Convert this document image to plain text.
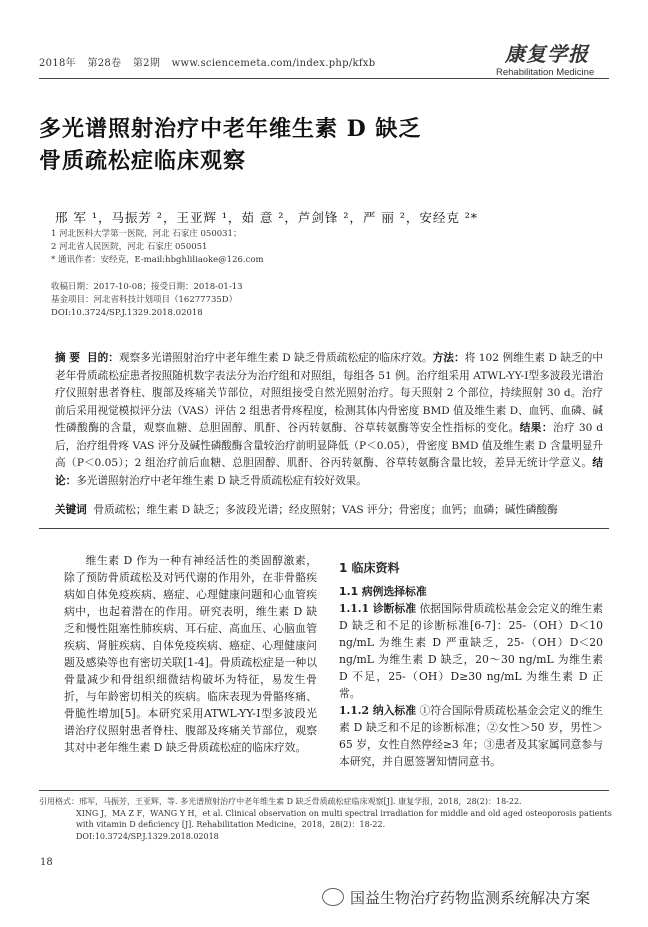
2018年 第28卷 第2期 www.sciencemeta.com/index.php/kfxb	康复学报
Rehabilitation Medicine
多光谱照射治疗中老年维生素 D 缺乏
骨质疏松症临床观察
邢 军 ¹，马振芳 ²，王亚辉 ¹，茹 意 ²，芦剑锋 ²，严 丽 ²，安经克 ²*
1 河北医科大学第一医院，河北 石家庄 050031；
2 河北省人民医院，河北 石家庄 050051
* 通讯作者：安经克，E-mail:hbghliliaoke@126.com
收稿日期：2017-10-08；接受日期：2018-01-13
基金项目：河北省科技计划项目（16277735D）
DOI:10.3724/SP.J.1329.2018.02018
摘 要 目的：观察多光谱照射治疗中老年维生素 D 缺乏骨质疏松症的临床疗效。方法：将 102 例维生素 D 缺乏的中老年骨质疏松症患者按照随机数字表法分为治疗组和对照组，每组各 51 例。治疗组采用 ATWL-YY-Ⅰ型多波段光谱治疗仪照射患者脊柱、腹部及疼痛关节部位，对照组接受自然光照射治疗。每天照射 2 个部位，持续照射 30 d。治疗前后采用视觉模拟评分法（VAS）评估 2 组患者骨疼程度，检测其体内骨密度 BMD 值及维生素 D、血钙、血磷、碱性磷酸酶的含量，观察血糖、总胆固醇、肌酐、谷丙转氨酶、谷草转氨酶等安全性指标的变化。结果：治疗 30 d 后，治疗组骨疼 VAS 评分及碱性磷酸酶含量较治疗前明显降低（P＜0.05），骨密度 BMD 值及维生素 D 含量明显升高（P＜0.05）；2 组治疗前后血糖、总胆固醇、肌酐、谷丙转氨酶、谷草转氨酶含量比较，差异无统计学意义。结论：多光谱照射治疗中老年维生素 D 缺乏骨质疏松症有较好效果。
关键词 骨质疏松；维生素 D 缺乏；多波段光谱；经皮照射；VAS 评分；骨密度；血钙；血磷；碱性磷酸酶
维生素 D 作为一种有神经活性的类固醇激素，除了预防骨质疏松及对钙代谢的作用外，在非骨骼疾病如自体免疫疾病、癌症、心理健康问题和心血管疾病中，也起着潜在的作用。研究表明，维生素 D 缺乏和慢性阻塞性肺疾病、耳石症、高血压、心脑血管疾病、肾脏疾病、自体免疫疾病、癌症、心理健康问题及感染等也有密切关联[1-4]。骨质疏松症是一种以骨量减少和骨组织细微结构破坏为特征，易发生骨折，与年龄密切相关的疾病。临床表现为骨骼疼痛、骨脆性增加[5]。本研究采用ATWL-YY-Ⅰ型多波段光谱治疗仪照射患者脊柱、腹部及疼痛关节部位，观察其对中老年维生素 D 缺乏骨质疏松症的临床疗效。
1 临床资料
1.1 病例选择标准
1.1.1 诊断标准 依据国际骨质疏松基金会定义的维生素 D 缺乏和不足的诊断标准[6-7]：25-（OH）D＜10 ng/mL 为维生素 D 严重缺乏，25-（OH）D＜20 ng/mL 为维生素 D 缺乏，20～30 ng/mL 为维生素 D 不足，25-（OH）D≥30 ng/mL 为维生素 D 正常。
1.1.2 纳入标准 ①符合国际骨质疏松基金会定义的维生素 D 缺乏和不足的诊断标准；②女性＞50 岁，男性＞65 岁，女性自然停经≥3 年；③患者及其家属同意参与本研究，并自愿签署知情同意书。
引用格式：邢军，马振芳，王亚辉，等. 多光谱照射治疗中老年维生素 D 缺乏骨质疏松症临床观察[J]. 康复学报，2018，28(2)：18-22.
XING J，MA Z F，WANG Y H，et al. Clinical observation on multi spectral irradiation for middle and old aged osteoporosis patients with vitamin D deficiency [J]. Rehabilitation Medicine，2018，28(2)：18-22.
DOI:10.3724/SP.J.1329.2018.02018
18
国益生物治疗药物监测系统解决方案
